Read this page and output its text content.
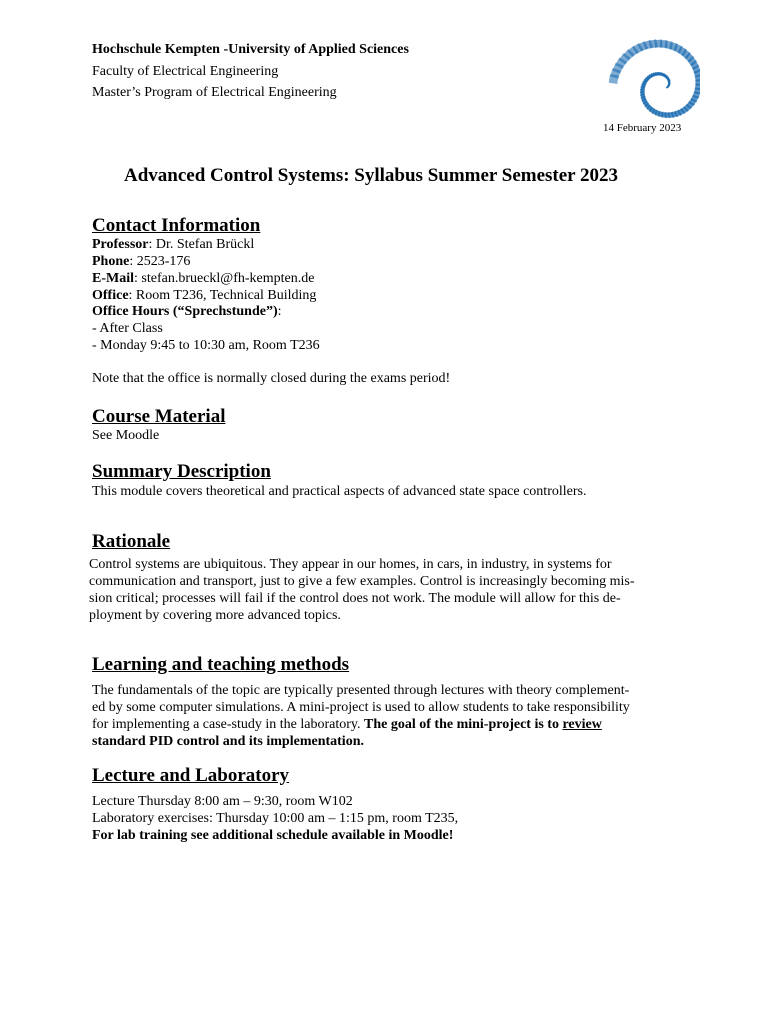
Hochschule Kempten -University of Applied Sciences

Faculty of Electrical Engineering

Master’s Program of Electrical Engineering

14 February 2023

Advanced Control Systems: Syllabus Summer Semester 2023

Contact Information

Professor: Dr. Stefan Brückl

Phone: 2523-176

E-Mail: stefan.brueckl@fh-kempten.de

Office: Room T236, Technical Building

Office Hours (“Sprechstunde”):

- After Class

- Monday 9:45 to 10:30 am, Room T236

Note that the office is normally closed during the exams period!

Course Material

See Moodle

Summary Description

This module covers theoretical and practical aspects of advanced state space controllers.

Rationale

Control systems are ubiquitous. They appear in our homes, in cars, in industry, in systems for
communication and transport, just to give a few examples. Control is increasingly becoming mis-
sion critical; processes will fail if the control does not work. The module will allow for this de-
ployment by covering more advanced topics.

Learning and teaching methods

The fundamentals of the topic are typically presented through lectures with theory complement-
ed by some computer simulations. A mini-project is used to allow students to take responsibility
for implementing a case-study in the laboratory. The goal of the mini-project is to review
standard PID control and its implementation.

Lecture and Laboratory

Lecture Thursday 8:00 am – 9:30, room W102
Laboratory exercises: Thursday 10:00 am – 1:15 pm, room T235,
For lab training see additional schedule available in Moodle!
